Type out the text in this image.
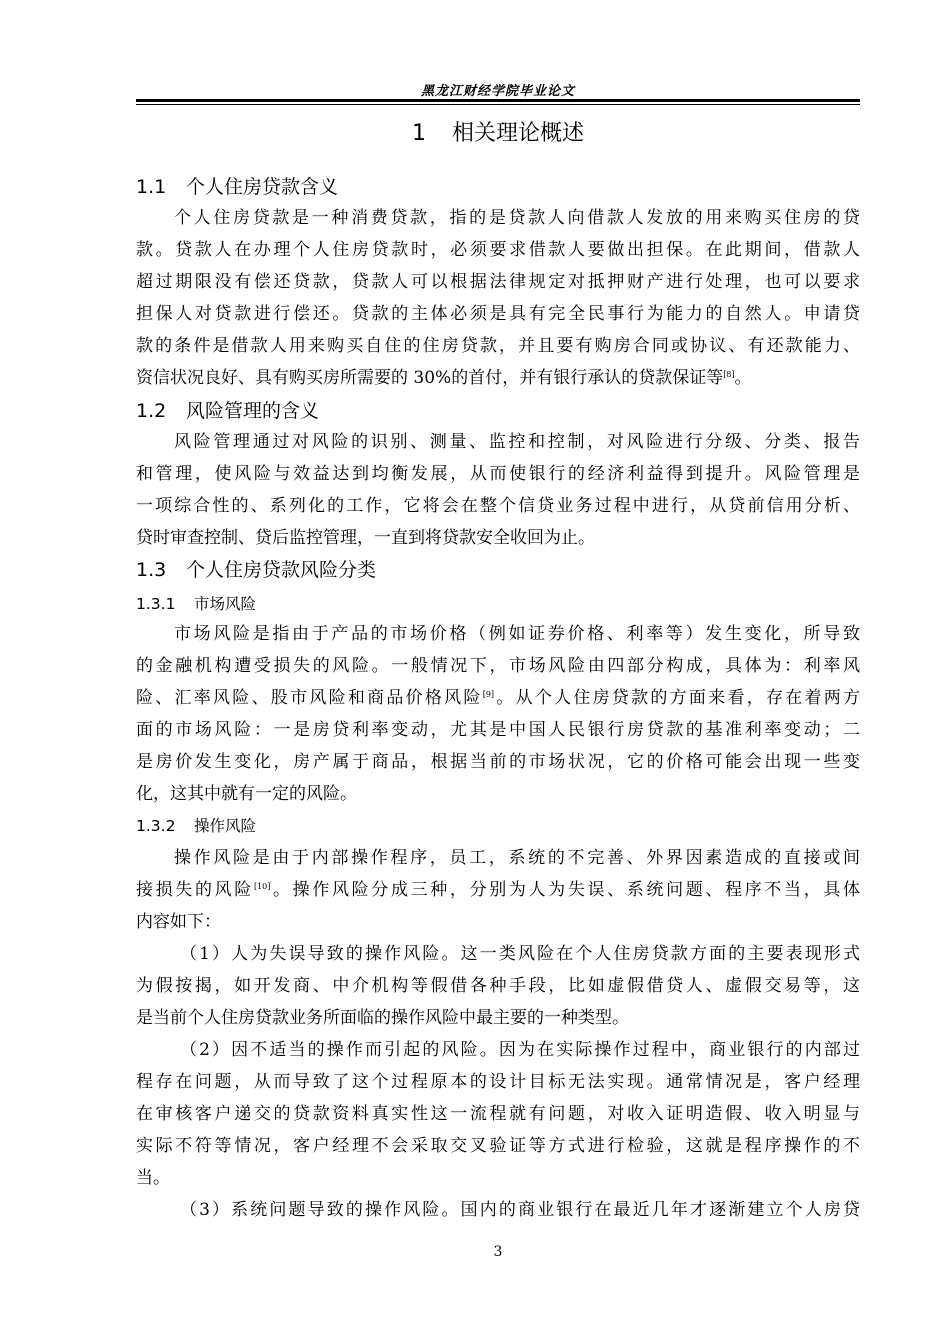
黑龙江财经学院毕业论文
1 相关理论概述
1.1 个人住房贷款含义
个人住房贷款是一种消费贷款，指的是贷款人向借款人发放的用来购买住房的贷
款。贷款人在办理个人住房贷款时，必须要求借款人要做出担保。在此期间，借款人
超过期限没有偿还贷款，贷款人可以根据法律规定对抵押财产进行处理，也可以要求
担保人对贷款进行偿还。贷款的主体必须是具有完全民事行为能力的自然人。申请贷
款的条件是借款人用来购买自住的住房贷款，并且要有购房合同或协议、有还款能力、
资信状况良好、具有购买房所需要的 30%的首付，并有银行承认的贷款保证等[8]。
1.2 风险管理的含义
风险管理通过对风险的识别、测量、监控和控制，对风险进行分级、分类、报告
和管理，使风险与效益达到均衡发展，从而使银行的经济利益得到提升。风险管理是
一项综合性的、系列化的工作，它将会在整个信贷业务过程中进行，从贷前信用分析、
贷时审查控制、贷后监控管理，一直到将贷款安全收回为止。
1.3 个人住房贷款风险分类
1.3.1 市场风险
市场风险是指由于产品的市场价格（例如证券价格、利率等）发生变化，所导致
的金融机构遭受损失的风险。一般情况下，市场风险由四部分构成，具体为：利率风
险、汇率风险、股市风险和商品价格风险[9]。从个人住房贷款的方面来看，存在着两方
面的市场风险：一是房贷利率变动，尤其是中国人民银行房贷款的基准利率变动；二
是房价发生变化，房产属于商品，根据当前的市场状况，它的价格可能会出现一些变
化，这其中就有一定的风险。
1.3.2 操作风险
操作风险是由于内部操作程序，员工，系统的不完善、外界因素造成的直接或间
接损失的风险[10]。操作风险分成三种，分别为人为失误、系统问题、程序不当，具体
内容如下：
（1）人为失误导致的操作风险。这一类风险在个人住房贷款方面的主要表现形式
为假按揭，如开发商、中介机构等假借各种手段，比如虚假借贷人、虚假交易等，这
是当前个人住房贷款业务所面临的操作风险中最主要的一种类型。
（2）因不适当的操作而引起的风险。因为在实际操作过程中，商业银行的内部过
程存在问题，从而导致了这个过程原本的设计目标无法实现。通常情况是，客户经理
在审核客户递交的贷款资料真实性这一流程就有问题，对收入证明造假、收入明显与
实际不符等情况，客户经理不会采取交叉验证等方式进行检验，这就是程序操作的不
当。
（3）系统问题导致的操作风险。国内的商业银行在最近几年才逐渐建立个人房贷
3
